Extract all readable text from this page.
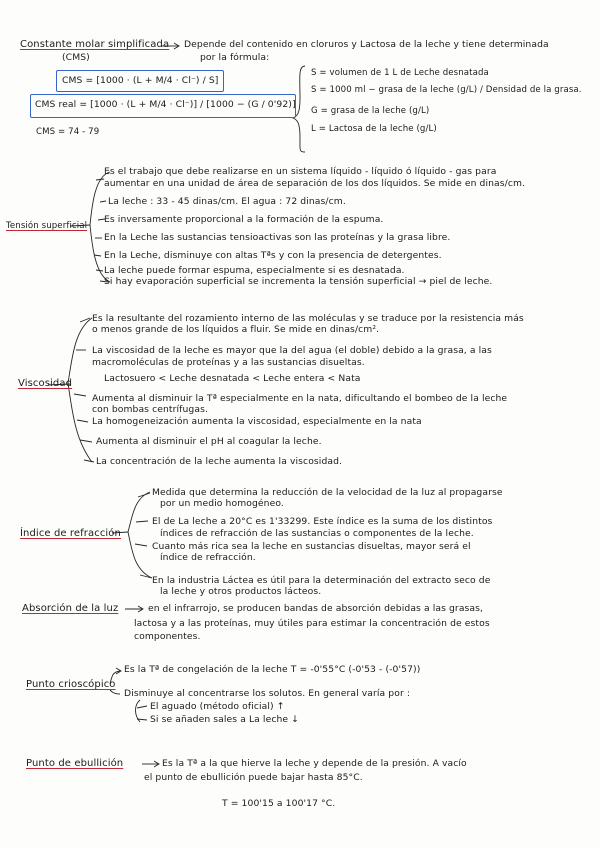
Constante molar simplificada
(CMS)
Depende del contenido en cloruros y Lactosa de la leche y tiene determinada
por la fórmula:
CMS = [1000 · (L + M/4 · Cl⁻) / S]
CMS real = [1000 · (L + M/4 · Cl⁻)] / [1000 − (G / 0'92)]
CMS = 74 - 79
S = volumen de 1 L de Leche desnatada
S = 1000 ml − grasa de la leche (g/L) / Densidad de la grasa.
G = grasa de la leche (g/L)
L = Lactosa de la leche (g/L)
Tensión superficial
Es el trabajo que debe realizarse en un sistema líquido - líquido ó líquido - gas para
aumentar en una unidad de área de separación de los dos líquidos. Se mide en dinas/cm.
La leche : 33 - 45 dinas/cm. El agua : 72 dinas/cm.
Es inversamente proporcional a la formación de la espuma.
En la Leche las sustancias tensioactivas son las proteínas y la grasa libre.
En la Leche, disminuye con altas Tªs y con la presencia de detergentes.
La leche puede formar espuma, especialmente si es desnatada.
Si hay evaporación superficial se incrementa la tensión superficial → piel de leche.
Viscosidad
Es la resultante del rozamiento interno de las moléculas y se traduce por la resistencia más
o menos grande de los líquidos a fluir. Se mide en dinas/cm².
La viscosidad de la leche es mayor que la del agua (el doble) debido a la grasa, a las
macromoléculas de proteínas y a las sustancias disueltas.
Lactosuero < Leche desnatada < Leche entera < Nata
Aumenta al disminuir la Tª especialmente en la nata, dificultando el bombeo de la leche
con bombas centrífugas.
La homogeneización aumenta la viscosidad, especialmente en la nata
Aumenta al disminuir el pH al coagular la leche.
La concentración de la leche aumenta la viscosidad.
Índice de refracción
Medida que determina la reducción de la velocidad de la luz al propagarse
por un medio homogéneo.
El de La leche a 20°C es 1'33299. Este índice es la suma de los distintos
índices de refracción de las sustancias o componentes de la leche.
Cuanto más rica sea la leche en sustancias disueltas, mayor será el
índice de refracción.
En la industria Láctea es útil para la determinación del extracto seco de
la leche y otros productos lácteos.
Absorción de la luz	en el infrarrojo, se producen bandas de absorción debidas a las grasas,
lactosa y a las proteínas, muy útiles para estimar la concentración de estos
componentes.
Punto crioscópico
Es la Tª de congelación de la leche T = -0'55°C (-0'53 - (-0'57))
Disminuye al concentrarse los solutos. En general varía por :
El aguado (método oficial) ↑
Si se añaden sales a La leche ↓
Punto de ebullición	Es la Tª a la que hierve la leche y depende de la presión. A vacío
el punto de ebullición puede bajar hasta 85°C.
T = 100'15 a 100'17 °C.
